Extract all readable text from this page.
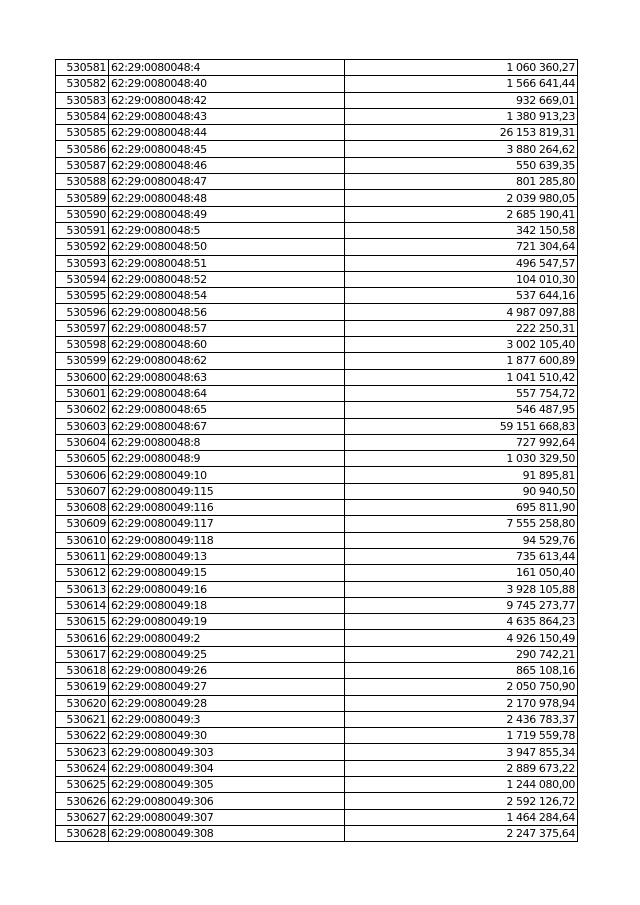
530581	62:29:0080048:4	1 060 360,27
530582	62:29:0080048:40	1 566 641,44
530583	62:29:0080048:42	932 669,01
530584	62:29:0080048:43	1 380 913,23
530585	62:29:0080048:44	26 153 819,31
530586	62:29:0080048:45	3 880 264,62
530587	62:29:0080048:46	550 639,35
530588	62:29:0080048:47	801 285,80
530589	62:29:0080048:48	2 039 980,05
530590	62:29:0080048:49	2 685 190,41
530591	62:29:0080048:5	342 150,58
530592	62:29:0080048:50	721 304,64
530593	62:29:0080048:51	496 547,57
530594	62:29:0080048:52	104 010,30
530595	62:29:0080048:54	537 644,16
530596	62:29:0080048:56	4 987 097,88
530597	62:29:0080048:57	222 250,31
530598	62:29:0080048:60	3 002 105,40
530599	62:29:0080048:62	1 877 600,89
530600	62:29:0080048:63	1 041 510,42
530601	62:29:0080048:64	557 754,72
530602	62:29:0080048:65	546 487,95
530603	62:29:0080048:67	59 151 668,83
530604	62:29:0080048:8	727 992,64
530605	62:29:0080048:9	1 030 329,50
530606	62:29:0080049:10	91 895,81
530607	62:29:0080049:115	90 940,50
530608	62:29:0080049:116	695 811,90
530609	62:29:0080049:117	7 555 258,80
530610	62:29:0080049:118	94 529,76
530611	62:29:0080049:13	735 613,44
530612	62:29:0080049:15	161 050,40
530613	62:29:0080049:16	3 928 105,88
530614	62:29:0080049:18	9 745 273,77
530615	62:29:0080049:19	4 635 864,23
530616	62:29:0080049:2	4 926 150,49
530617	62:29:0080049:25	290 742,21
530618	62:29:0080049:26	865 108,16
530619	62:29:0080049:27	2 050 750,90
530620	62:29:0080049:28	2 170 978,94
530621	62:29:0080049:3	2 436 783,37
530622	62:29:0080049:30	1 719 559,78
530623	62:29:0080049:303	3 947 855,34
530624	62:29:0080049:304	2 889 673,22
530625	62:29:0080049:305	1 244 080,00
530626	62:29:0080049:306	2 592 126,72
530627	62:29:0080049:307	1 464 284,64
530628	62:29:0080049:308	2 247 375,64
